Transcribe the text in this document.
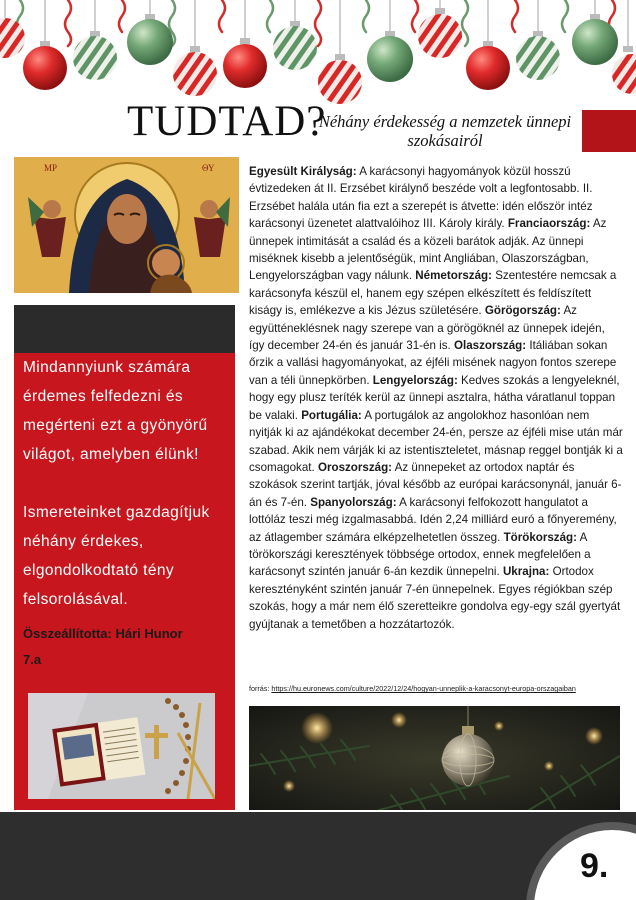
TUDTAD?
Néhány érdekesség a nemzetek ünnepi szokásairól
MP	ΘΥ
Mindannyiunk számára érdemes felfedezni és megérteni ezt a gyönyörű világot, amelyben élünk!
Ismereteinket gazdagítjuk néhány érdekes, elgondolkodtató tény felsorolásával.
Összeállította: Hári Hunor
7.a
Egyesült Királyság: A karácsonyi hagyományok közül hosszú évtizedeken át II. Erzsébet királynő beszéde volt a legfontosabb. II. Erzsébet halála után fia ezt a szerepét is átvette: idén először intéz karácsonyi üzenetet alattvalóihoz III. Károly király. Franciaország: Az ünnepek intimitását a család és a közeli barátok adják. Az ünnepi miséknek kisebb a jelentőségük, mint Angliában, Olaszországban, Lengyelországban vagy nálunk. Németország: Szentestére nemcsak a karácsonyfa készül el, hanem egy szépen elkészített és feldíszített kiságy is, emlékezve a kis Jézus születésére. Görögország: Az együtténeklésnek nagy szerepe van a görögöknél az ünnepek idején, így december 24-én és január 31-én is. Olaszország: Itáliában sokan őrzik a vallási hagyományokat, az éjféli misének nagyon fontos szerepe van a téli ünnepkörben. Lengyelország: Kedves szokás a lengyeleknél, hogy egy plusz teríték kerül az ünnepi asztalra, hátha váratlanul toppan be valaki. Portugália: A portugálok az angolokhoz hasonlóan nem nyitják ki az ajándékokat december 24-én, persze az éjféli mise után már szabad. Akik nem várják ki az istentiszteletet, másnap reggel bontják ki a csomagokat. Oroszország: Az ünnepeket az ortodox naptár és szokások szerint tartják, jóval később az európai karácsonynál, január 6-án és 7-én. Spanyolország: A karácsonyi felfokozott hangulatot a lottóláz teszi még izgalmasabbá. Idén 2,24 milliárd euró a főnyeremény, az átlagember számára elképzelhetetlen összeg. Törökország: A törökországi keresztények többsége ortodox, ennek megfelelően a karácsonyt szintén január 6-án kezdik ünnepelni. Ukrajna: Ortodox keresztényként szintén január 7-én ünnepelnek. Egyes régiókban szép szokás, hogy a már nem élő szeretteikre gondolva egy-egy szál gyertyát gyújtanak a temetőben a hozzátartozók.
forrás: https://hu.euronews.com/culture/2022/12/24/hogyan-unneplik-a-karacsonyt-europa-orszagaiban
9.
